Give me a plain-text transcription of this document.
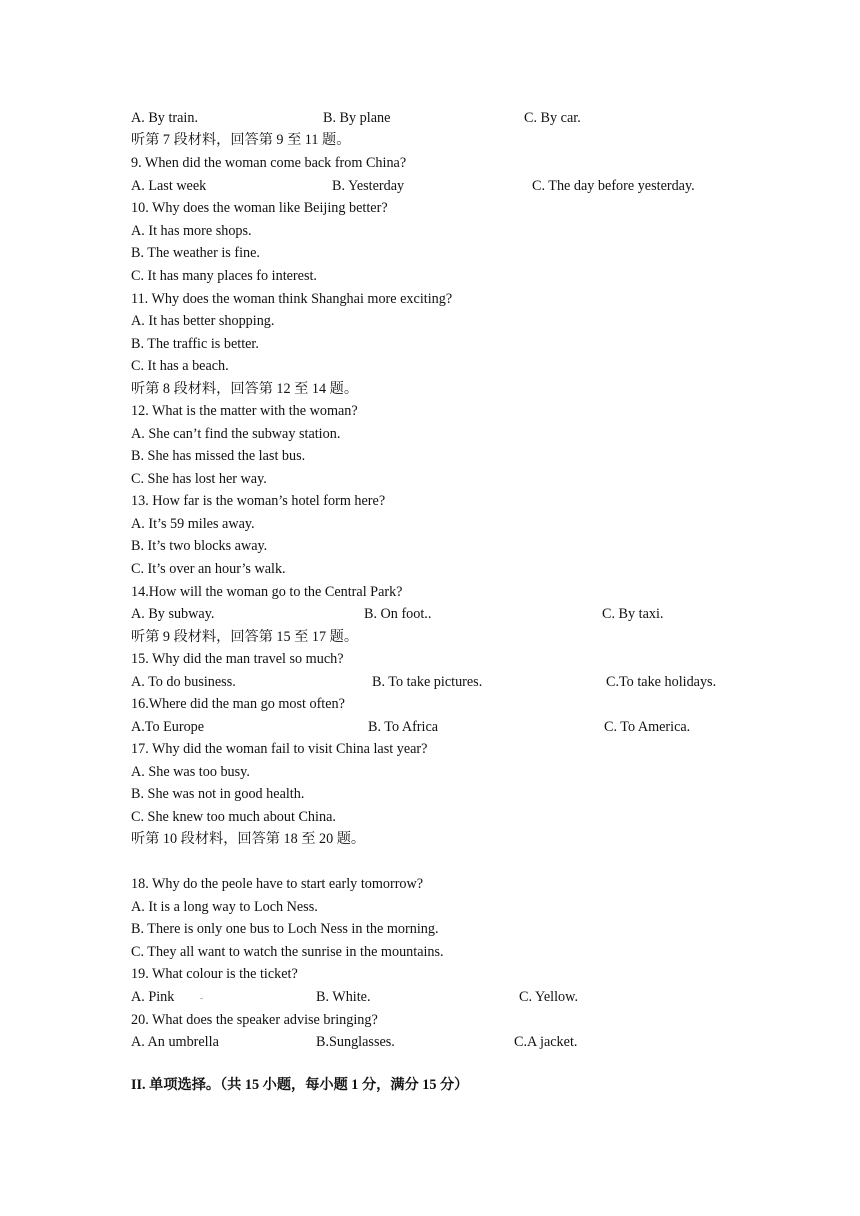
A. By train.	B. By plane	C. By car.
听第 7 段材料，回答第 9 至 11 题。
9. When did the woman come back from China?
A. Last week	B. Yesterday	C. The day before yesterday.
10. Why does the woman like Beijing better?
A. It has more shops.
B. The weather is fine.
C. It has many places fo interest.
11. Why does the woman think Shanghai more exciting?
A. It has better shopping.
B. The traffic is better.
C. It has a beach.
听第 8 段材料，回答第 12 至 14 题。
12. What is the matter with the woman?
A. She can’t find the subway station.
B. She has missed the last bus.
C. She has lost her way.
13. How far is the woman’s hotel form here?
A. It’s 59 miles away.
B. It’s two blocks away.
C. It’s over an hour’s walk.
14.How will the woman go to the Central Park?
A. By subway.	B. On foot..	C. By taxi.
听第 9 段材料，回答第 15 至 17 题。
15. Why did the man travel so much?
A. To do business.	B. To take pictures.	C.To take holidays.
16.Where did the man go most often?
A.To Europe	B. To Africa	C. To America.
17. Why did the woman fail to visit China last year?
A. She was too busy.
B. She was not in good health.
C. She knew too much about China.
听第 10 段材料，回答第 18 至 20 题。
18. Why do the peole have to start early tomorrow?
A. It is a long way to Loch Ness.
B. There is only one bus to Loch Ness in the morning.
C. They all want to watch the sunrise in the mountains.
19. What colour is the ticket?
A. Pink	B. White.	C. Yellow.
20. What does the speaker advise bringing?
A. An umbrella	B.Sunglasses.	C.A jacket.
II. 单项选择。（共 15 小题，每小题 1 分，满分 15 分）
